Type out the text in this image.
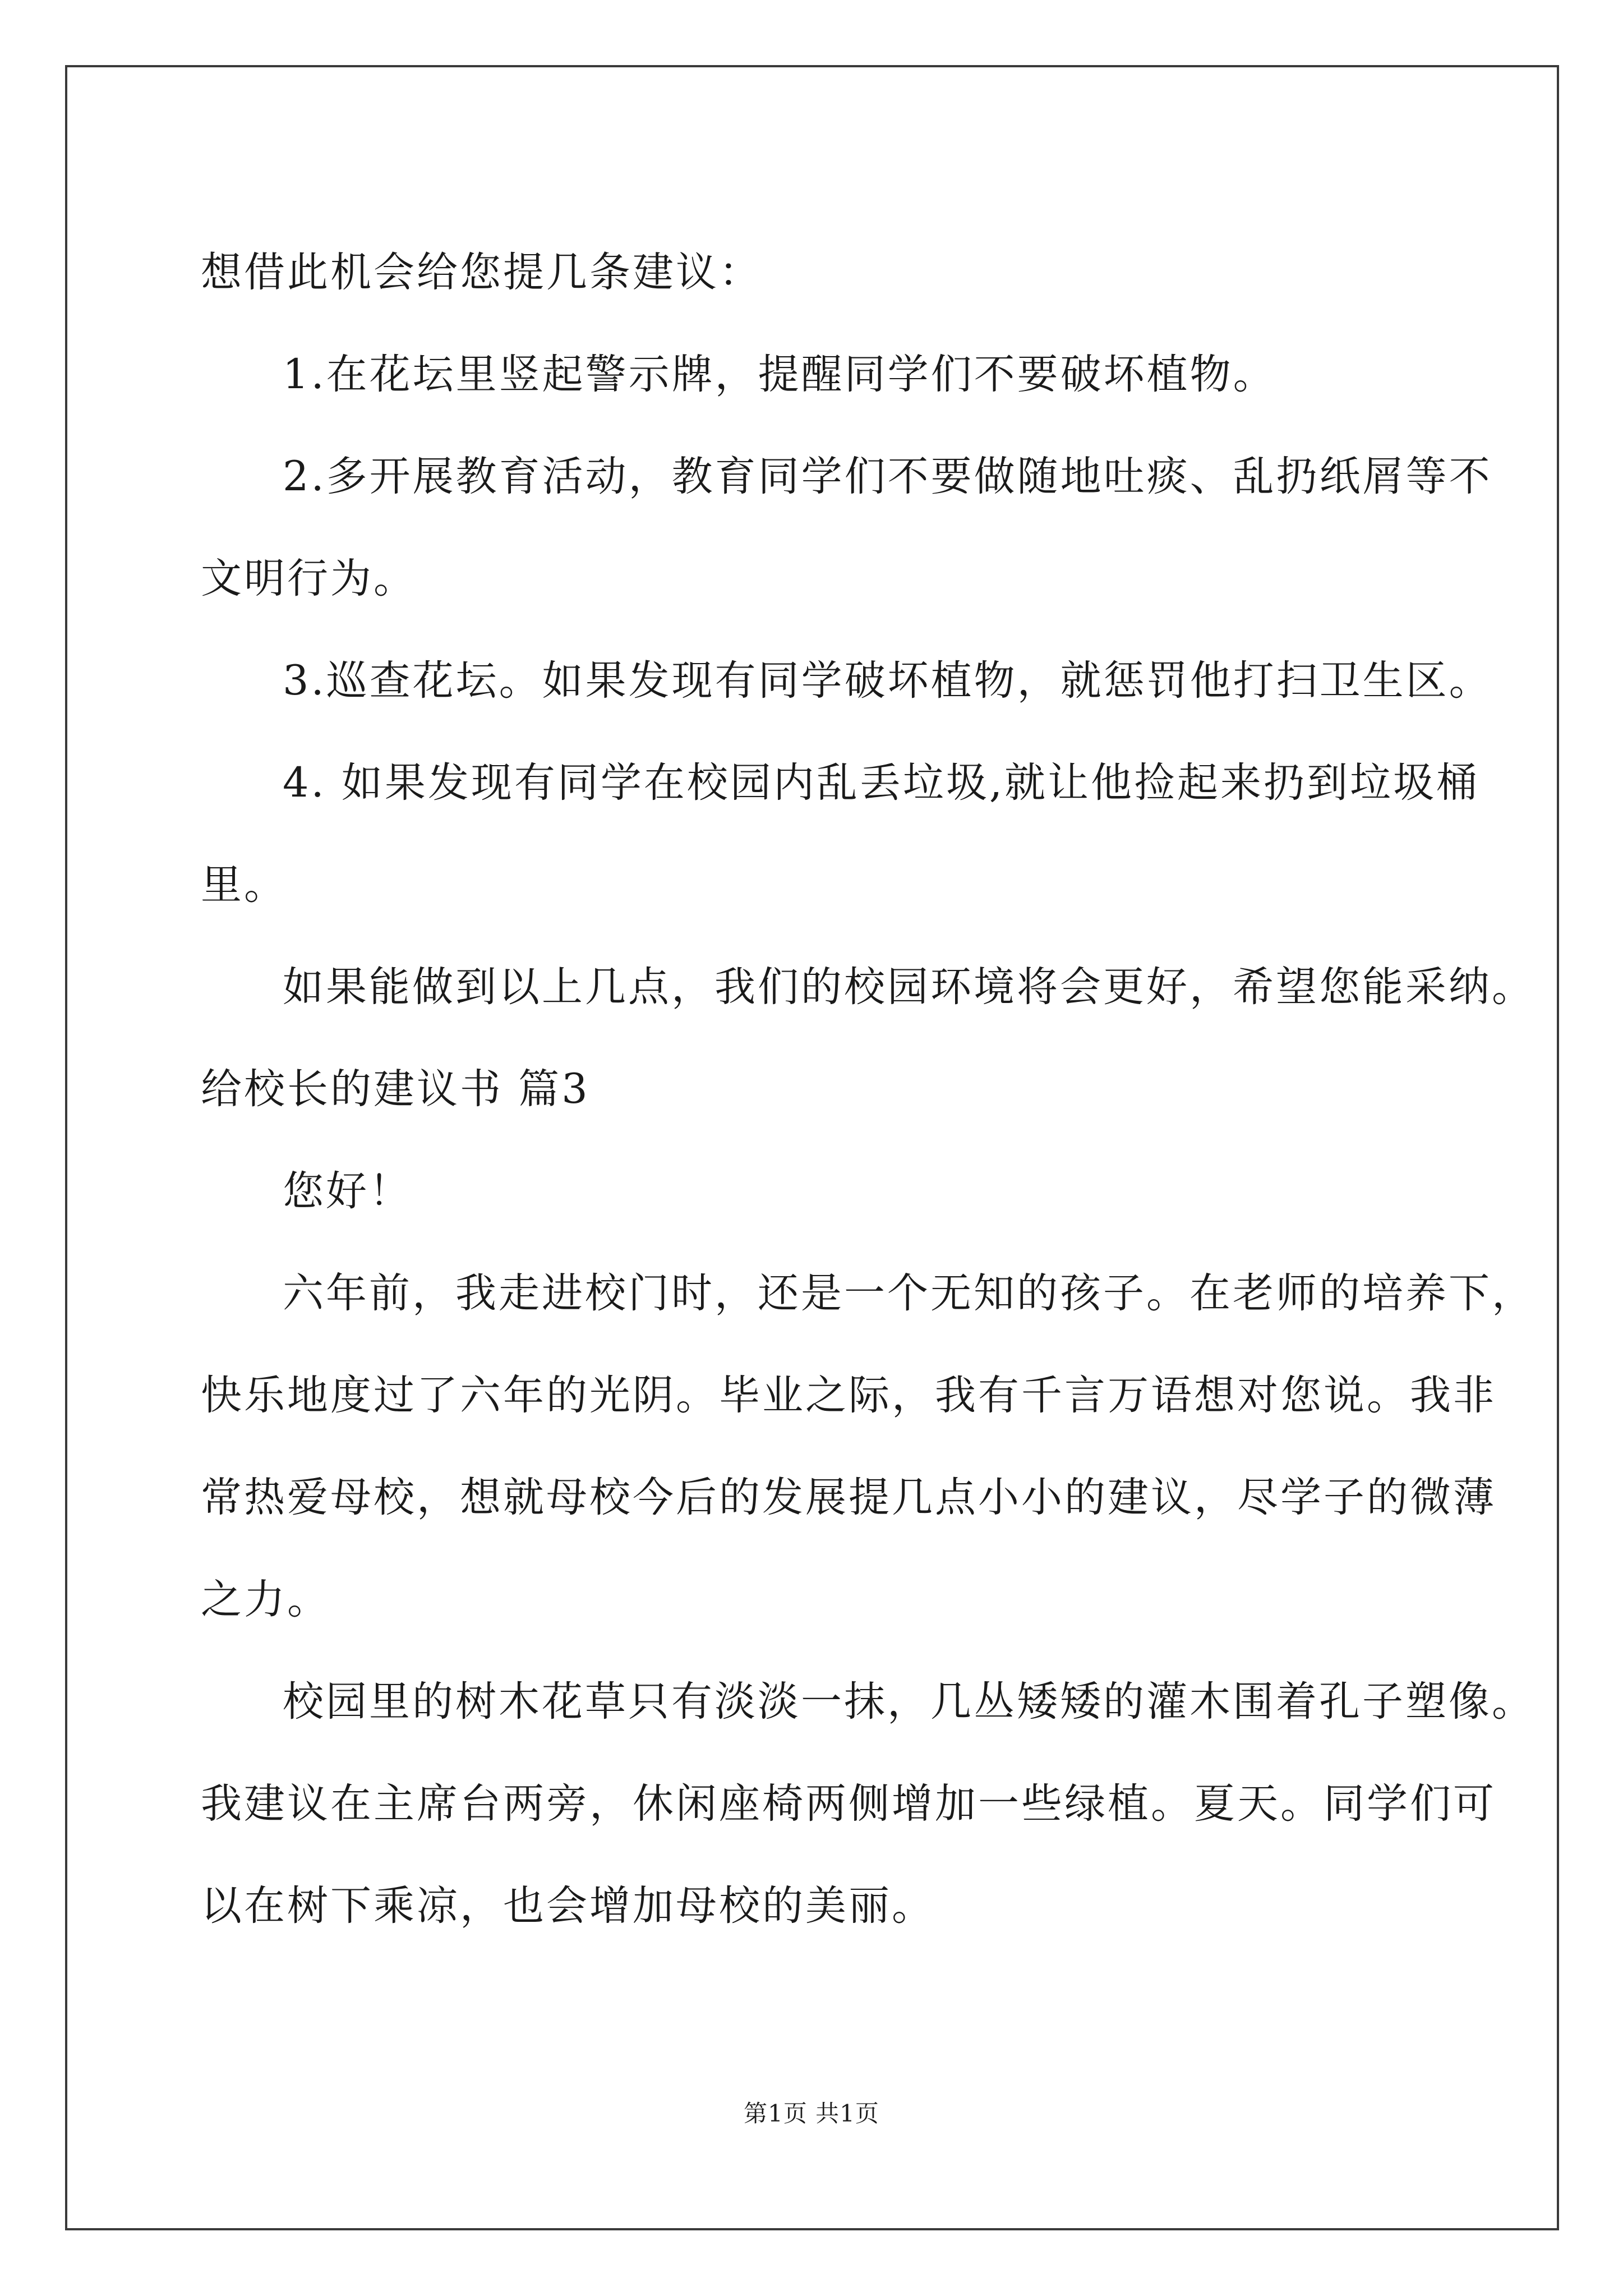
想借此机会给您提几条建议：

1.在花坛里竖起警示牌，提醒同学们不要破坏植物。

2.多开展教育活动，教育同学们不要做随地吐痰、乱扔纸屑等不

文明行为。

3.巡查花坛。如果发现有同学破坏植物，就惩罚他打扫卫生区。

4. 如果发现有同学在校园内乱丢垃圾,就让他捡起来扔到垃圾桶

里。

如果能做到以上几点，我们的校园环境将会更好，希望您能采纳。

给校长的建议书 篇3

您好！

六年前，我走进校门时，还是一个无知的孩子。在老师的培养下，

快乐地度过了六年的光阴。毕业之际，我有千言万语想对您说。我非

常热爱母校，想就母校今后的发展提几点小小的建议，尽学子的微薄

之力。

校园里的树木花草只有淡淡一抹，几丛矮矮的灌木围着孔子塑像。

我建议在主席台两旁，休闲座椅两侧增加一些绿植。夏天。同学们可

以在树下乘凉，也会增加母校的美丽。

第1页 共1页
